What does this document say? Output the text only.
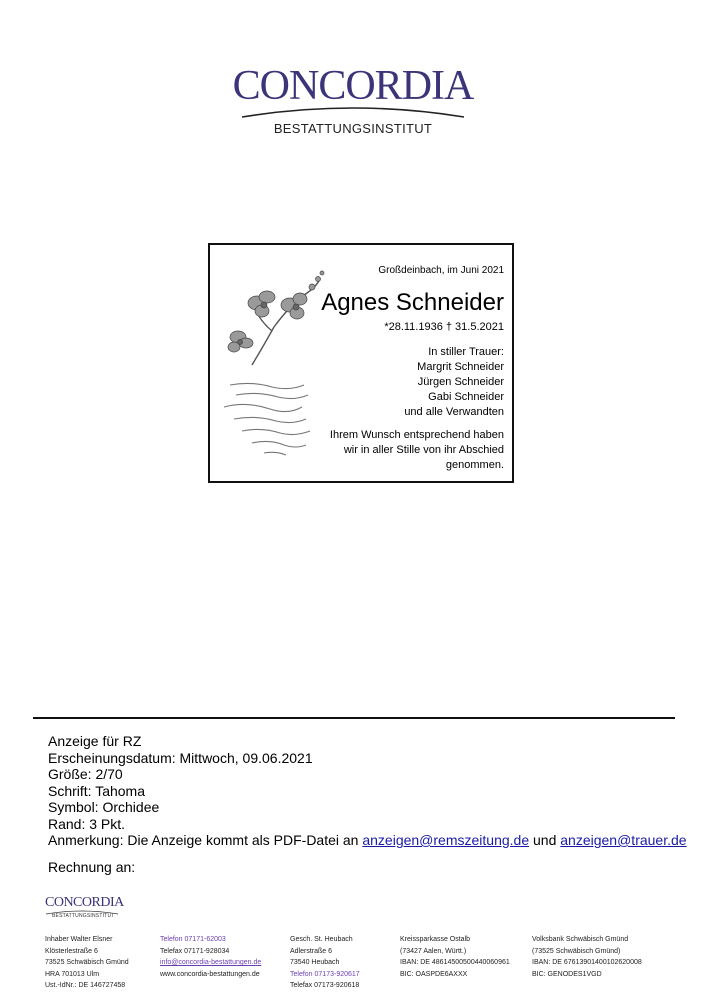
CONCORDIA
BESTATTUNGSINSTITUT
Großdeinbach, im Juni 2021
Agnes Schneider
*28.11.1936 † 31.5.2021
In stiller Trauer:
Margrit Schneider
Jürgen Schneider
Gabi Schneider
und alle Verwandten
Ihrem Wunsch entsprechend haben
wir in aller Stille von ihr Abschied
genommen.
Anzeige für RZ
Erscheinungsdatum: Mittwoch, 09.06.2021
Größe: 2/70
Schrift: Tahoma
Symbol: Orchidee
Rand: 3 Pkt.
Anmerkung: Die Anzeige kommt als PDF-Datei an anzeigen@remszeitung.de und anzeigen@trauer.de
Rechnung an:
CONCORDIA
BESTATTUNGSINSTITUT
Inhaber Walter Elsner
Klösterlestraße 6
73525 Schwäbisch Gmünd
HRA 701013 Ulm
Ust.-IdNr.: DE 146727458
Telefon 07171-62003
Telefax 07171-928034
info@concordia-bestattungen.de
www.concordia-bestattungen.de
Gesch. St. Heubach
Adlerstraße 6
73540 Heubach
Telefon 07173-920617
Telefax 07173-920618
Kreissparkasse Ostalb
(73427 Aalen, Württ.)
IBAN: DE 48614500500440060961
BIC: OASPDE6AXXX
Volksbank Schwäbisch Gmünd
(73525 Schwäbisch Gmünd)
IBAN: DE 67613901400102620008
BIC: GENODES1VGD
